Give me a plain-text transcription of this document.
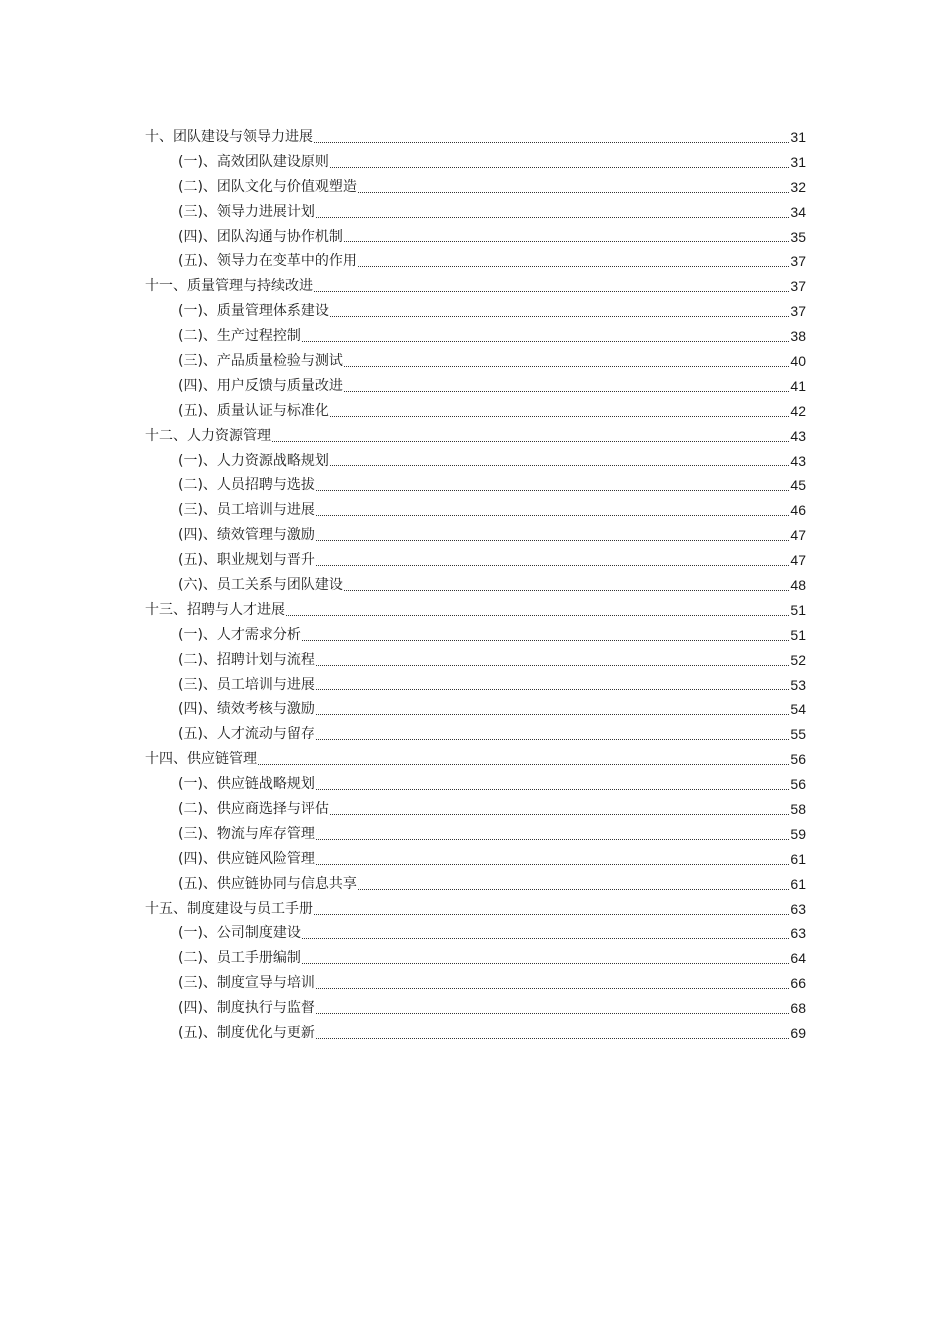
十、团队建设与领导力进展	31
(一)、高效团队建设原则	31
(二)、团队文化与价值观塑造	32
(三)、领导力进展计划	34
(四)、团队沟通与协作机制	35
(五)、领导力在变革中的作用	37
十一、质量管理与持续改进	37
(一)、质量管理体系建设	37
(二)、生产过程控制	38
(三)、产品质量检验与测试	40
(四)、用户反馈与质量改进	41
(五)、质量认证与标准化	42
十二、人力资源管理	43
(一)、人力资源战略规划	43
(二)、人员招聘与选拔	45
(三)、员工培训与进展	46
(四)、绩效管理与激励	47
(五)、职业规划与晋升	47
(六)、员工关系与团队建设	48
十三、招聘与人才进展	51
(一)、人才需求分析	51
(二)、招聘计划与流程	52
(三)、员工培训与进展	53
(四)、绩效考核与激励	54
(五)、人才流动与留存	55
十四、供应链管理	56
(一)、供应链战略规划	56
(二)、供应商选择与评估	58
(三)、物流与库存管理	59
(四)、供应链风险管理	61
(五)、供应链协同与信息共享	61
十五、制度建设与员工手册	63
(一)、公司制度建设	63
(二)、员工手册编制	64
(三)、制度宣导与培训	66
(四)、制度执行与监督	68
(五)、制度优化与更新	69
